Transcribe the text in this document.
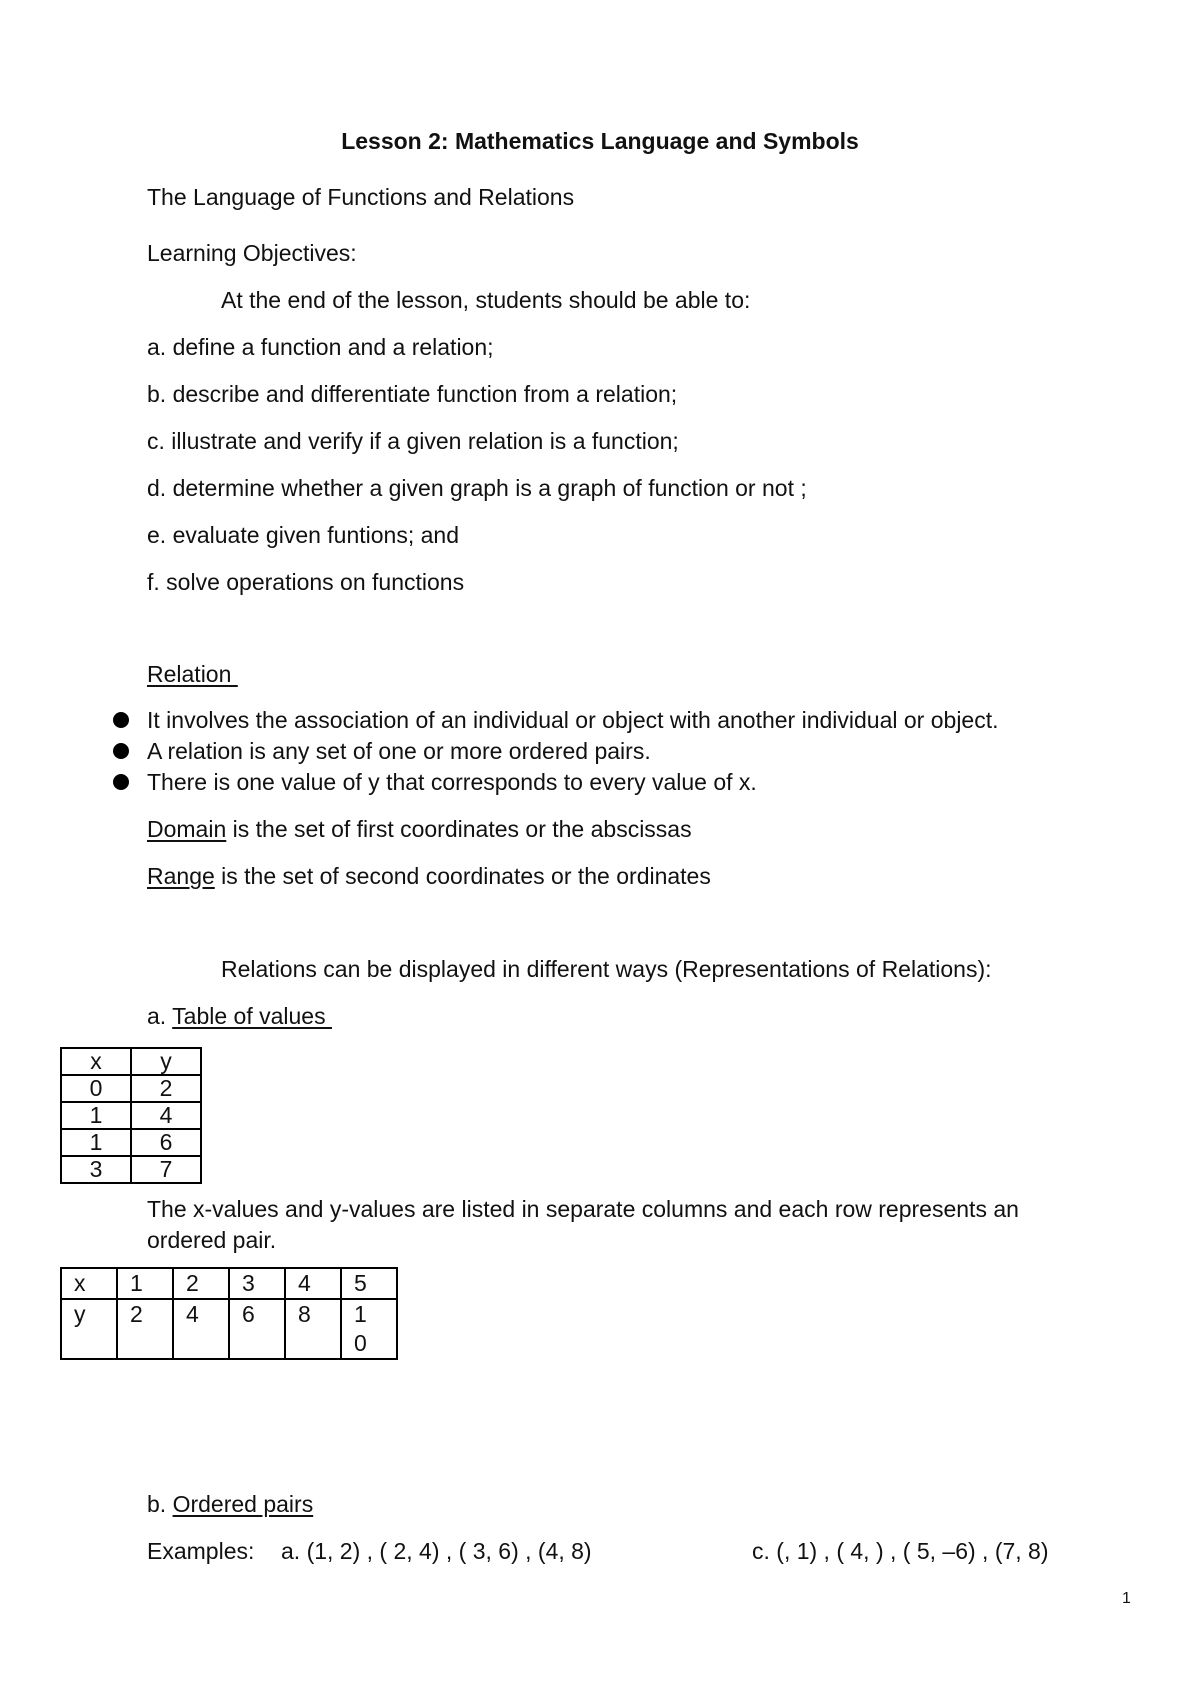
Lesson 2: Mathematics Language and Symbols
The Language of Functions and Relations
Learning Objectives:
At the end of the lesson, students should be able to:
a. define a function and a relation;
b. describe and differentiate function from a relation;
c. illustrate and verify if a given relation is a function;
d. determine whether a given graph is a graph of function or not ;
e. evaluate given funtions; and
f. solve operations on functions
Relation
It involves the association of an individual or object with another individual or object.
A relation is any set of one or more ordered pairs.
There is one value of y that corresponds to every value of x.
Domain is the set of first coordinates or the abscissas
Range is the set of second coordinates or the ordinates
Relations can be displayed in different ways (Representations of Relations):
a. Table of values
x	y
0	2
1	4
1	6
3	7
The x-values and y-values are listed in separate columns and each row represents an
ordered pair.
x	1	2	3	4	5
y	2	4	6	8	1
0
b. Ordered pairs
Examples: a. (1, 2) , ( 2, 4) , ( 3, 6) , (4, 8)	c. (, 1) , ( 4, ) , ( 5, –6) , (7, 8)
1
